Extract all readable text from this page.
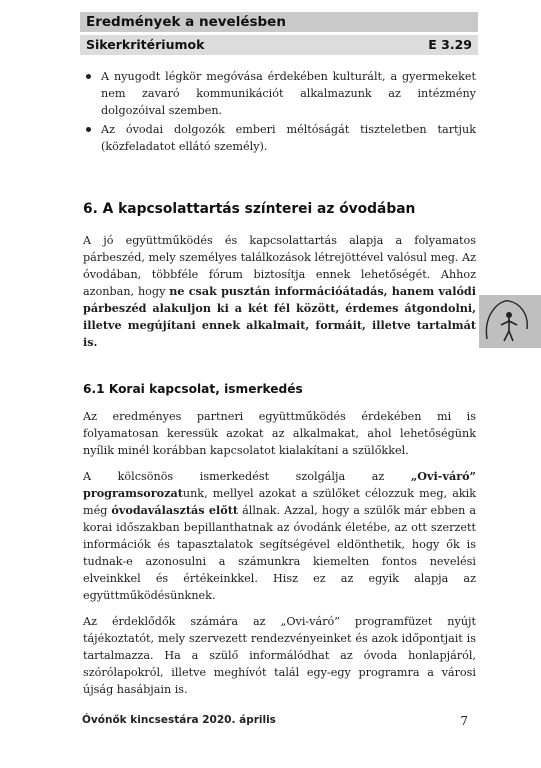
Eredmények a nevelésben
Sikerkritériumok	E 3.29
A nyugodt légkör megóvása érdekében kulturált, a gyermekeket nem zavaró kommunikációt alkalmazunk az intézmény dolgozóival szemben.
Az óvodai dolgozók emberi méltóságát tiszteletben tartjuk (közfeladatot ellátó személy).
6. A kapcsolattartás színterei az óvodában

A jó együttműködés és kapcsolattartás alapja a folyamatos párbeszéd, mely személyes találkozások létrejöttével valósul meg. Az óvodában, többféle fórum biztosítja ennek lehetőségét. Ahhoz azonban, hogy ne csak pusztán információátadás, hanem valódi párbeszéd alakuljon ki a két fél között, érdemes átgondolni, illetve megújítani ennek alkalmait, formáit, illetve tartalmát is.

6.1 Korai kapcsolat, ismerkedés

Az eredményes partneri együttműködés érdekében mi is folyamatosan keressük azokat az alkalmakat, ahol lehetőségünk nyílik minél korábban kapcsolatot kialakítani a szülőkkel.

A kölcsönös ismerkedést szolgálja az „Ovi-váró” programsorozatunk, mellyel azokat a szülőket célozzuk meg, akik még óvodaválasztás előtt állnak. Azzal, hogy a szülők már ebben a korai időszakban bepillanthatnak az óvodánk életébe, az ott szerzett információk és tapasztalatok segítségével eldönthetik, hogy ők is tudnak-e azonosulni a számunkra kiemelten fontos nevelési elveinkkel és értékeinkkel. Hisz ez az egyik alapja az együttműködésünknek.

Az érdeklődők számára az „Ovi-váró” programfüzet nyújt tájékoztatót, mely szervezett rendezvényeinket és azok időpontjait is tartalmazza. Ha a szülő informálódhat az óvoda honlapjáról, szórólapokról, illetve meghívót talál egy-egy programra a városi újság hasábjain is.

Óvónők kincsestára 2020. április	7
